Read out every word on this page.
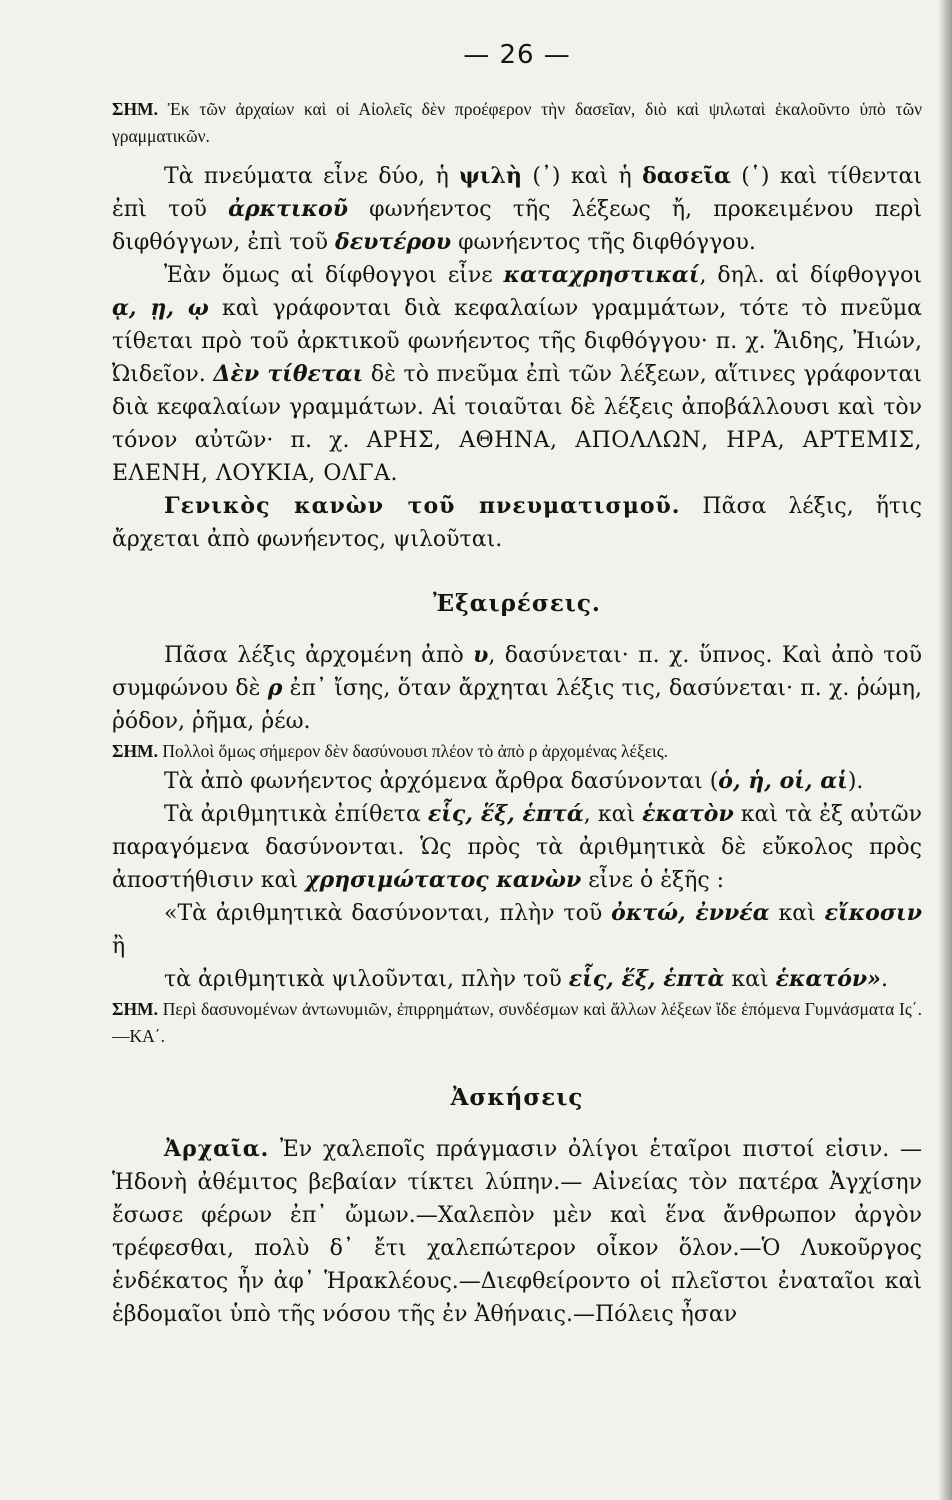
— 26 —

ΣΗΜ. Ἐκ τῶν ἀρχαίων καὶ οἱ Αἰολεῖς δὲν προέφερον τὴν δασεῖαν, διὸ καὶ ψιλωταὶ ἐκαλοῦντο ὑπὸ τῶν γραμματικῶν.

Τὰ πνεύματα εἶνε δύο, ἡ ψιλὴ (᾽) καὶ ἡ δασεῖα (῾) καὶ τίθενται ἐπὶ τοῦ ἀρκτικοῦ φωνήεντος τῆς λέξεως ἤ, προκειμένου περὶ διφθόγγων, ἐπὶ τοῦ δευτέρου φωνήεντος τῆς διφθόγγου.

Ἐὰν ὅμως αἱ δίφθογγοι εἶνε καταχρηστικαί, δηλ. αἱ δίφθογγοι ᾳ, ῃ, ῳ καὶ γράφονται διὰ κεφαλαίων γραμμάτων, τότε τὸ πνεῦμα τίθεται πρὸ τοῦ ἀρκτικοῦ φωνήεντος τῆς διφθόγγου· π. χ. Ἅιδης, Ἠιών, Ὠιδεῖον. Δὲν τίθεται δὲ τὸ πνεῦμα ἐπὶ τῶν λέξεων, αἵτινες γράφονται διὰ κεφαλαίων γραμμάτων. Αἱ τοιαῦται δὲ λέξεις ἀποβάλλουσι καὶ τὸν τόνον αὐτῶν· π. χ. ΑΡΗΣ, ΑΘΗΝΑ, ΑΠΟΛΛΩΝ, ΗΡΑ, ΑΡΤΕΜΙΣ, ΕΛΕΝΗ, ΛΟΥΚΙΑ, ΟΛΓΑ.

Γενικὸς κανὼν τοῦ πνευματισμοῦ. Πᾶσα λέξις, ἥτις ἄρχεται ἀπὸ φωνήεντος, ψιλοῦται.

Ἐξαιρέσεις.

Πᾶσα λέξις ἀρχομένη ἀπὸ υ, δασύνεται· π. χ. ὕπνος. Καὶ ἀπὸ τοῦ συμφώνου δὲ ρ ἐπ᾽ ἴσης, ὅταν ἄρχηται λέξις τις, δασύνεται· π. χ. ῥώμη, ῥόδον, ῥῆμα, ῥέω.

ΣΗΜ. Πολλοὶ ὅμως σήμερον δὲν δασύνουσι πλέον τὸ ἀπὸ ρ ἀρχομένας λέξεις.

Τὰ ἀπὸ φωνήεντος ἀρχόμενα ἄρθρα δασύνονται (ὁ, ἡ, οἱ, αἱ).

Τὰ ἀριθμητικὰ ἐπίθετα εἷς, ἕξ, ἑπτά, καὶ ἑκατὸν καὶ τὰ ἐξ αὐτῶν παραγόμενα δασύνονται. Ὡς πρὸς τὰ ἀριθμητικὰ δὲ εὔκολος πρὸς ἀποστήθισιν καὶ χρησιμώτατος κανὼν εἶνε ὁ ἑξῆς :

«Τὰ ἀριθμητικὰ δασύνονται, πλὴν τοῦ ὀκτώ, ἐννέα καὶ εἴκοσιν ἢ

τὰ ἀριθμητικὰ ψιλοῦνται, πλὴν τοῦ εἷς, ἕξ, ἑπτὰ καὶ ἑκατόν».

ΣΗΜ. Περὶ δασυνομένων ἀντωνυμιῶν, ἐπιρρημάτων, συνδέσμων καὶ ἄλλων λέξεων ἴδε ἑπόμενα Γυμνάσματα Ις΄.—ΚΑ΄.

Ἀσκήσεις

Ἀρχαῖα. Ἐν χαλεποῖς πράγμασιν ὀλίγοι ἑταῖροι πιστοί εἰσιν. —Ἡδονὴ ἀθέμιτος βεβαίαν τίκτει λύπην.— Αἰνείας τὸν πατέρα Ἀγχίσην ἔσωσε φέρων ἐπ᾽ ὤμων.—Χαλεπὸν μὲν καὶ ἕνα ἄνθρωπον ἀργὸν τρέφεσθαι, πολὺ δ᾽ ἔτι χαλεπώτερον οἶκον ὅλον.—Ὁ Λυκοῦργος ἑνδέκατος ἦν ἀφ᾽ Ἡρακλέους.—Διεφθείροντο οἱ πλεῖστοι ἐναταῖοι καὶ ἑβδομαῖοι ὑπὸ τῆς νόσου τῆς ἐν Ἀθήναις.—Πόλεις ἦσαν
